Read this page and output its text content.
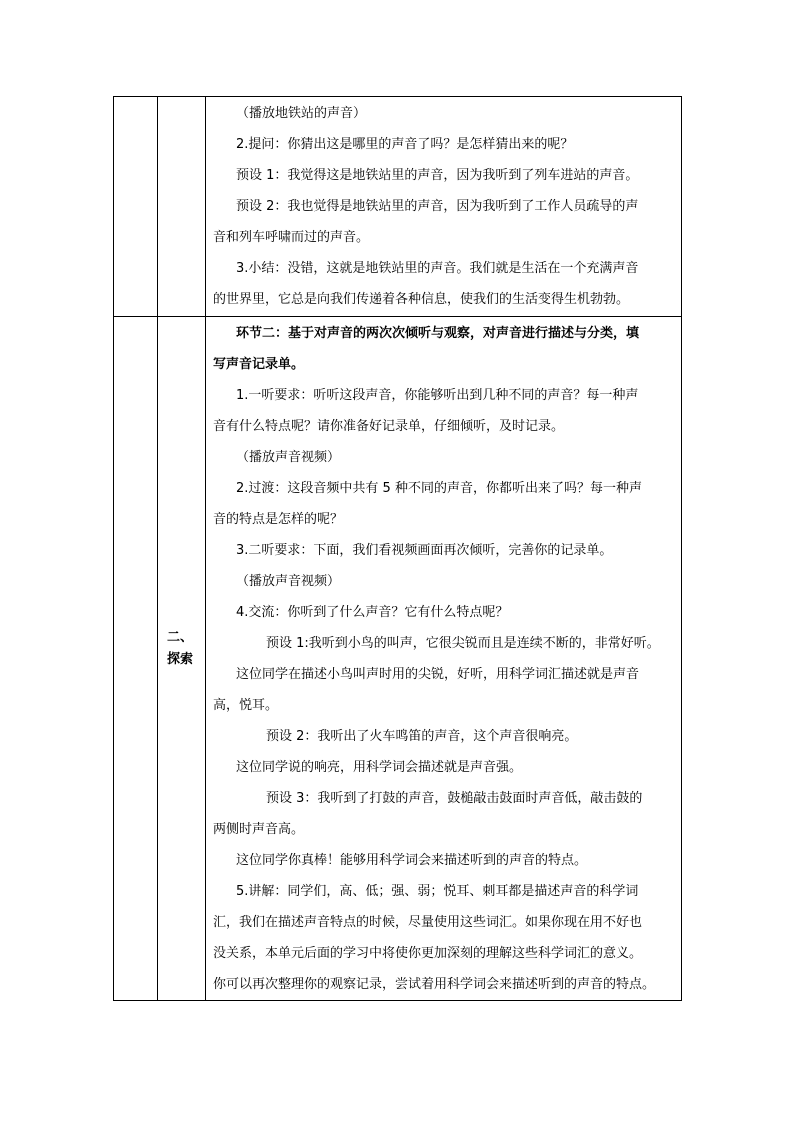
（播放地铁站的声音）

2.提问：你猜出这是哪里的声音了吗？是怎样猜出来的呢？

预设 1：我觉得这是地铁站里的声音，因为我听到了列车进站的声音。

预设 2：我也觉得是地铁站里的声音，因为我听到了工作人员疏导的声

音和列车呼啸而过的声音。

3.小结：没错，这就是地铁站里的声音。我们就是生活在一个充满声音

的世界里，它总是向我们传递着各种信息，使我们的生活变得生机勃勃。

环节二：基于对声音的两次次倾听与观察，对声音进行描述与分类，填

写声音记录单。

1.一听要求：听听这段声音，你能够听出到几种不同的声音？每一种声

音有什么特点呢？请你准备好记录单，仔细倾听，及时记录。

（播放声音视频）

2.过渡：这段音频中共有 5 种不同的声音，你都听出来了吗？每一种声

音的特点是怎样的呢？

3.二听要求：下面，我们看视频画面再次倾听，完善你的记录单。

（播放声音视频）

4.交流：你听到了什么声音？它有什么特点呢？

预设 1:我听到小鸟的叫声，它很尖锐而且是连续不断的，非常好听。

这位同学在描述小鸟叫声时用的尖锐，好听，用科学词汇描述就是声音

高，悦耳。

预设 2：我听出了火车鸣笛的声音，这个声音很响亮。

这位同学说的响亮，用科学词会描述就是声音强。

预设 3：我听到了打鼓的声音，鼓槌敲击鼓面时声音低，敲击鼓的

两侧时声音高。

这位同学你真棒！能够用科学词会来描述听到的声音的特点。

5.讲解：同学们，高、低；强、弱；悦耳、刺耳都是描述声音的科学词

汇，我们在描述声音特点的时候，尽量使用这些词汇。如果你现在用不好也

没关系，本单元后面的学习中将使你更加深刻的理解这些科学词汇的意义。

你可以再次整理你的观察记录，尝试着用科学词会来描述听到的声音的特点。

二、
探索
